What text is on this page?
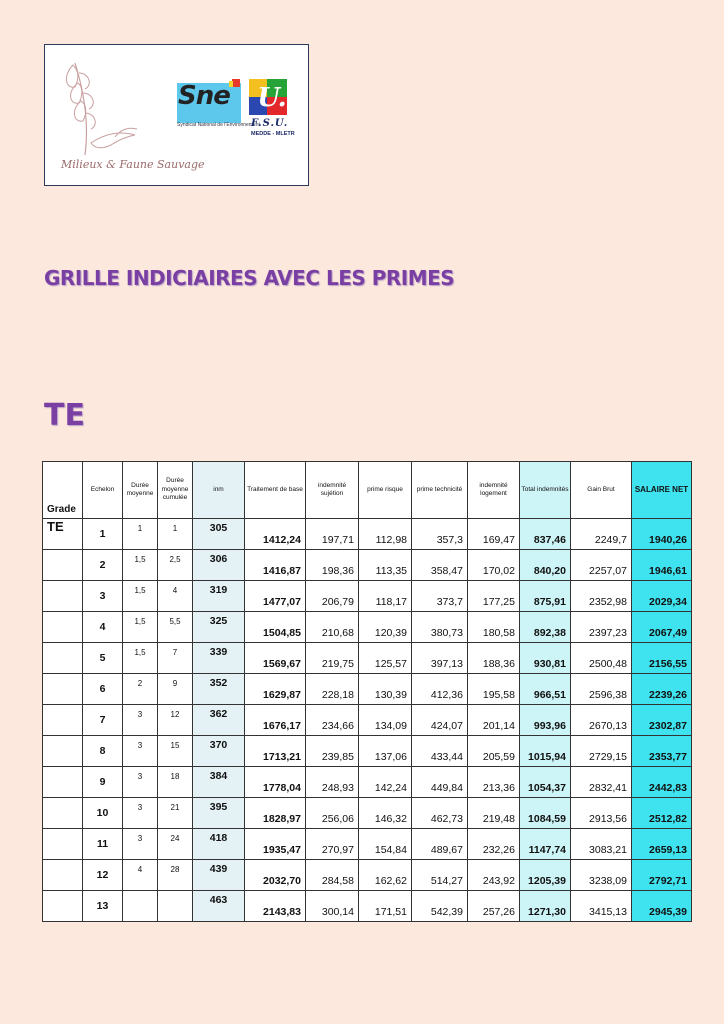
Milieux & Faune Sauvage
Sne
Syndicat National de l'Environnement
U.
F.S.U.
MEDDE - MLETR
GRILLE INDICIAIRES AVEC LES PRIMES
TE
Grade	Echelon	Durée moyenne	Durée moyenne cumulée	inm	Traitement de base	indemnité sujétion	prime risque	prime technicité	indemnité logement	Total indemnités	Gain Brut	SALAIRE NET
TE	1	1	1	305	1412,24	197,71	112,98	357,3	169,47	837,46	2249,7	1940,26
	2	1,5	2,5	306	1416,87	198,36	113,35	358,47	170,02	840,20	2257,07	1946,61
	3	1,5	4	319	1477,07	206,79	118,17	373,7	177,25	875,91	2352,98	2029,34
	4	1,5	5,5	325	1504,85	210,68	120,39	380,73	180,58	892,38	2397,23	2067,49
	5	1,5	7	339	1569,67	219,75	125,57	397,13	188,36	930,81	2500,48	2156,55
	6	2	9	352	1629,87	228,18	130,39	412,36	195,58	966,51	2596,38	2239,26
	7	3	12	362	1676,17	234,66	134,09	424,07	201,14	993,96	2670,13	2302,87
	8	3	15	370	1713,21	239,85	137,06	433,44	205,59	1015,94	2729,15	2353,77
	9	3	18	384	1778,04	248,93	142,24	449,84	213,36	1054,37	2832,41	2442,83
	10	3	21	395	1828,97	256,06	146,32	462,73	219,48	1084,59	2913,56	2512,82
	11	3	24	418	1935,47	270,97	154,84	489,67	232,26	1147,74	3083,21	2659,13
	12	4	28	439	2032,70	284,58	162,62	514,27	243,92	1205,39	3238,09	2792,71
	13			463	2143,83	300,14	171,51	542,39	257,26	1271,30	3415,13	2945,39
